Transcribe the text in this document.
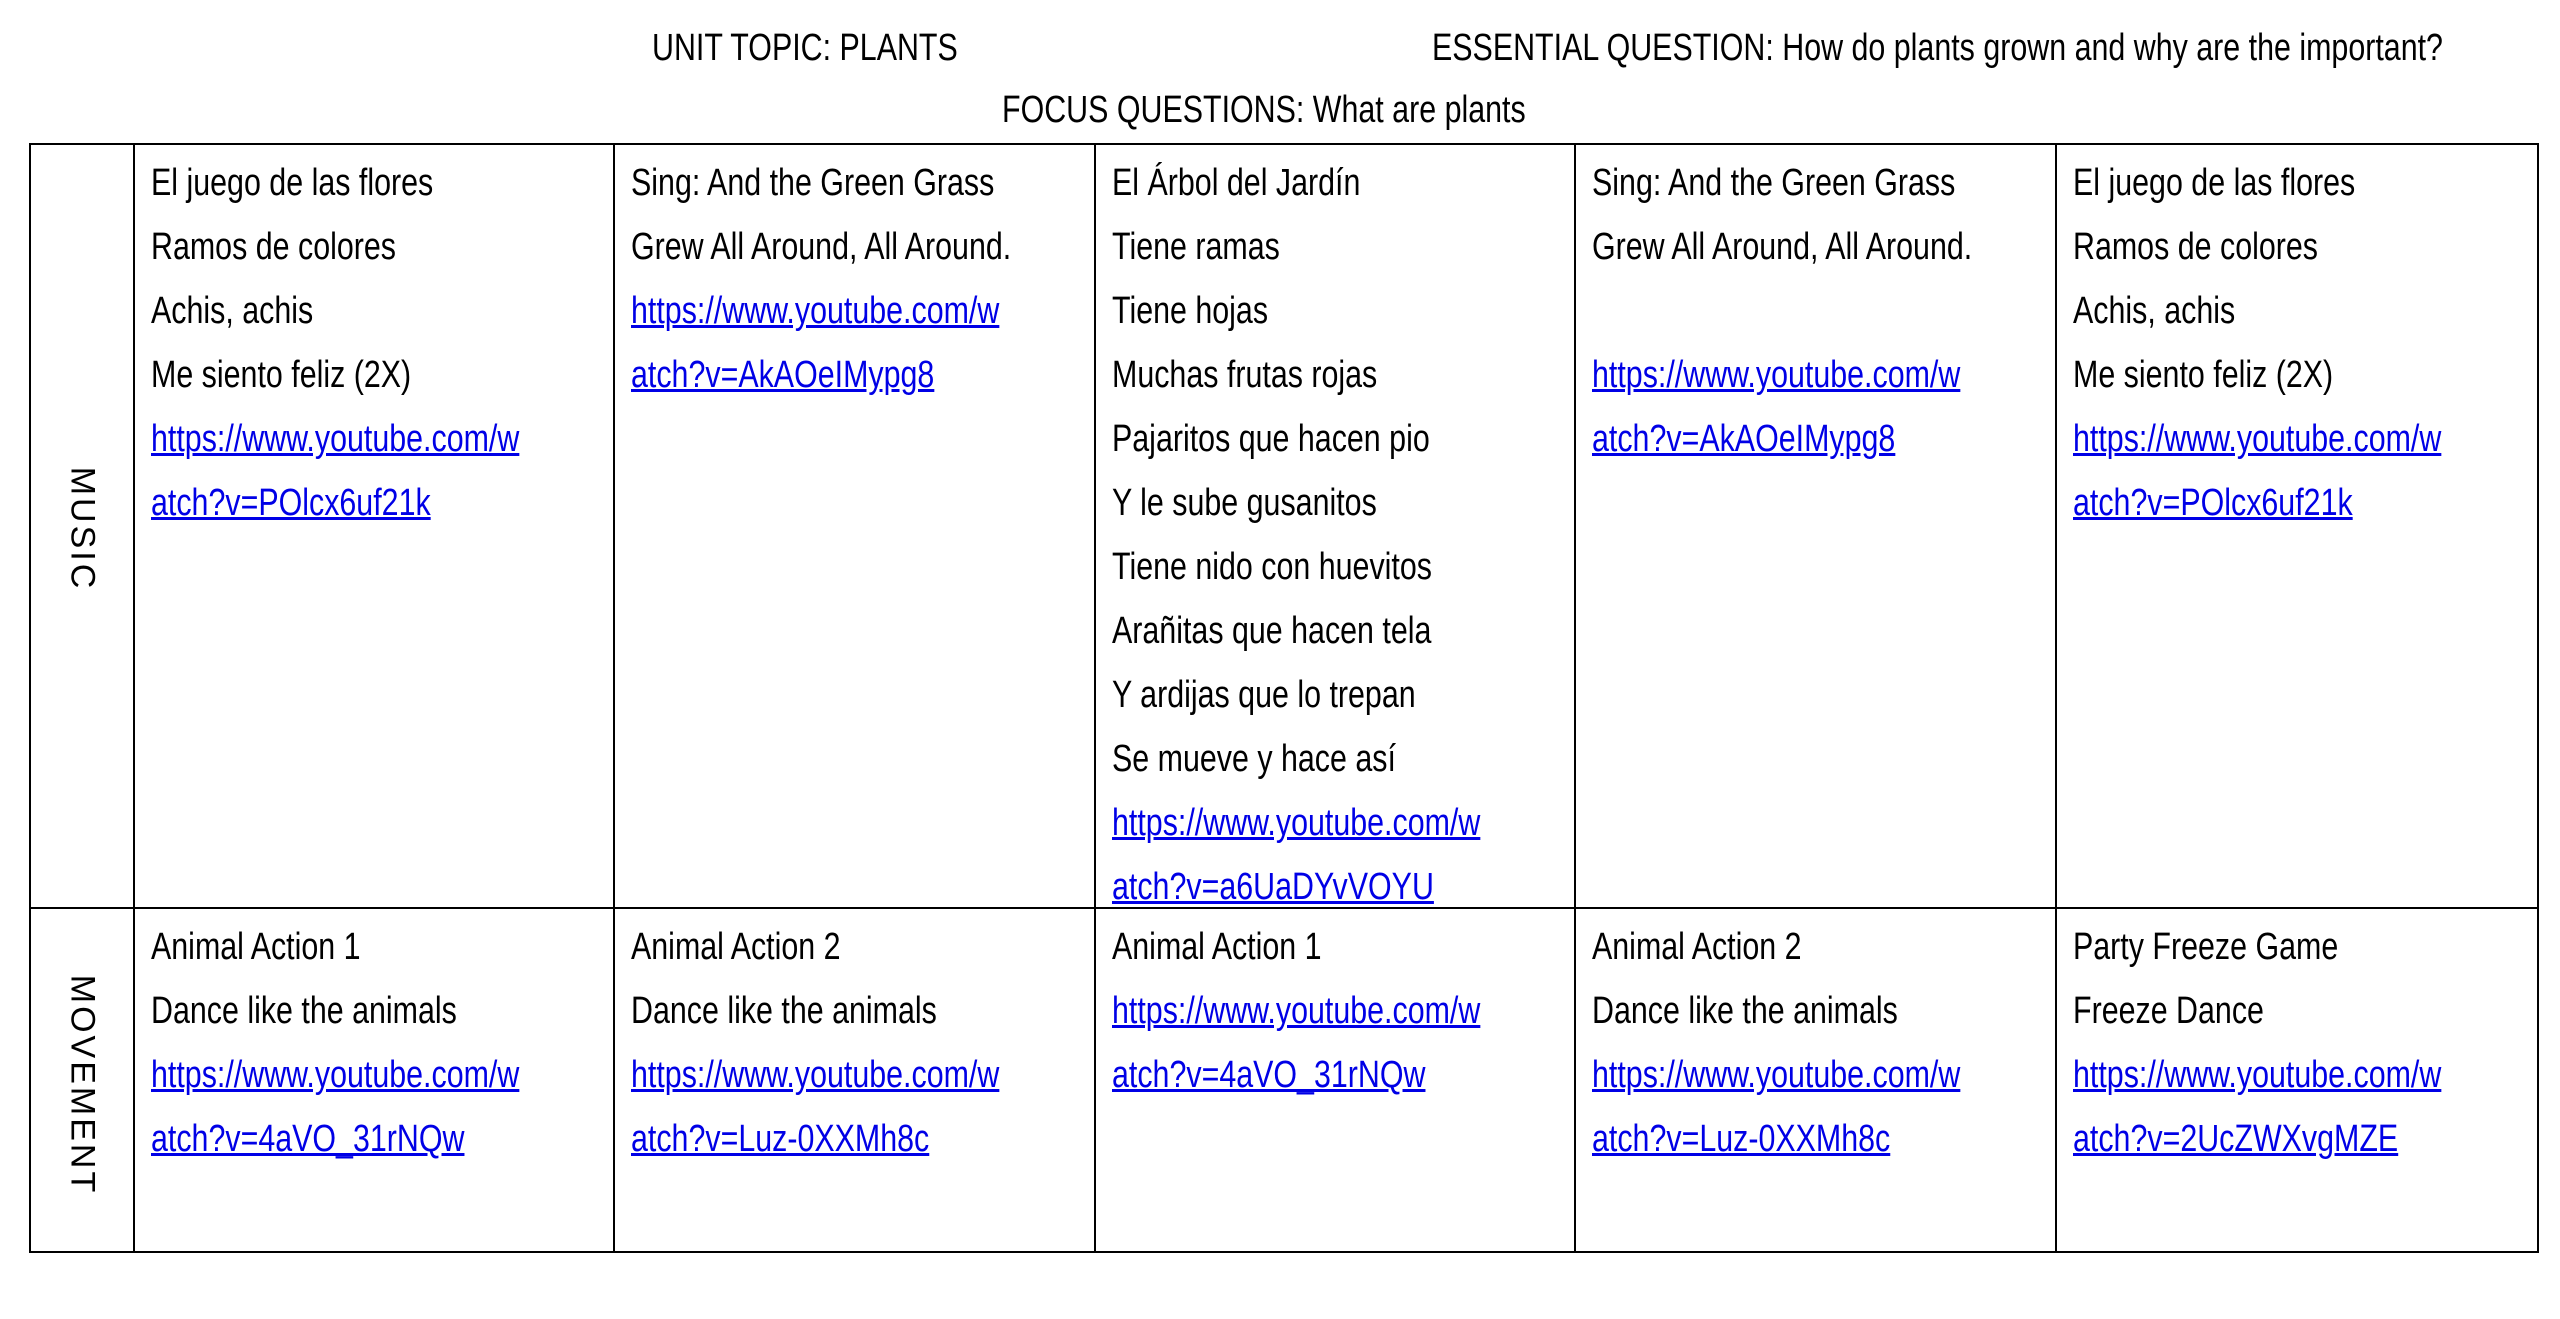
UNIT TOPIC: PLANTS	ESSENTIAL QUESTION: How do plants grown and why are the important?
FOCUS QUESTIONS: What are plants
MUSIC
El juego de las flores
Ramos de colores
Achis, achis
Me siento feliz (2X)
https://www.youtube.com/w
atch?v=POlcx6uf21k
Sing: And the Green Grass
Grew All Around, All Around.
https://www.youtube.com/w
atch?v=AkAOeIMypg8
El Árbol del Jardín
Tiene ramas
Tiene hojas
Muchas frutas rojas
Pajaritos que hacen pio
Y le sube gusanitos
Tiene nido con huevitos
Arañitas que hacen tela
Y ardijas que lo trepan
Se mueve y hace así
https://www.youtube.com/w
atch?v=a6UaDYvVOYU
Sing: And the Green Grass
Grew All Around, All Around.
https://www.youtube.com/w
atch?v=AkAOeIMypg8
El juego de las flores
Ramos de colores
Achis, achis
Me siento feliz (2X)
https://www.youtube.com/w
atch?v=POlcx6uf21k
MOVEMENT
Animal Action 1
Dance like the animals
https://www.youtube.com/w
atch?v=4aVO_31rNQw
Animal Action 2
Dance like the animals
https://www.youtube.com/w
atch?v=Luz-0XXMh8c
Animal Action 1
https://www.youtube.com/w
atch?v=4aVO_31rNQw
Animal Action 2
Dance like the animals
https://www.youtube.com/w
atch?v=Luz-0XXMh8c
Party Freeze Game
Freeze Dance
https://www.youtube.com/w
atch?v=2UcZWXvgMZE
